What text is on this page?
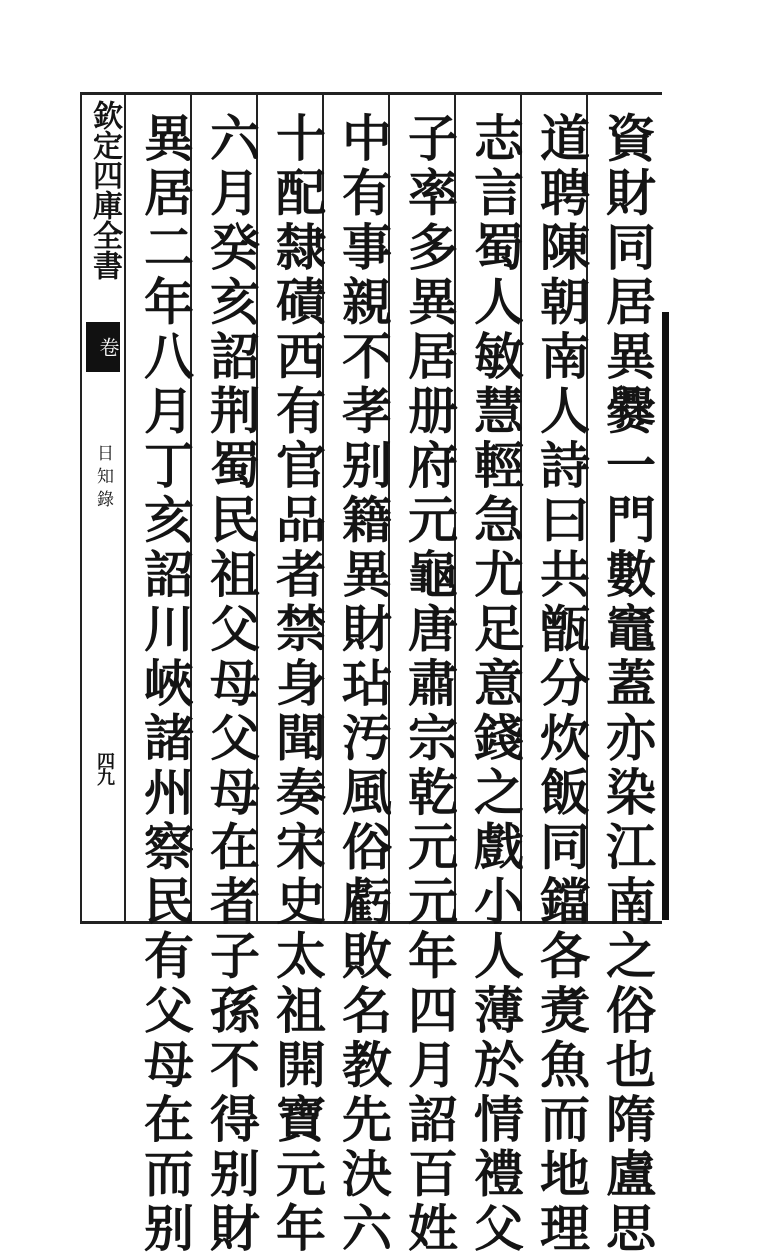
欽定四庫全書
卷
日知錄
四九	資財同居異爨一門數竈蓋亦染江南之俗也隋盧思
道聘陳朝南人詩曰共甑分炊飯同鐺各煑魚而地理
志言蜀人敏慧輕急尤足意錢之戲小人薄於情禮父
子率多異居册府元龜唐肅宗乾元元年四月詔百姓
中有事親不孝别籍異財玷汚風俗虧敗名教先決六
十配隸磧西有官品者禁身聞奏宋史太祖開寶元年
六月癸亥詔荆蜀民祖父母父母在者子孫不得别財
異居二年八月丁亥詔川峽諸州察民有父母在而别
